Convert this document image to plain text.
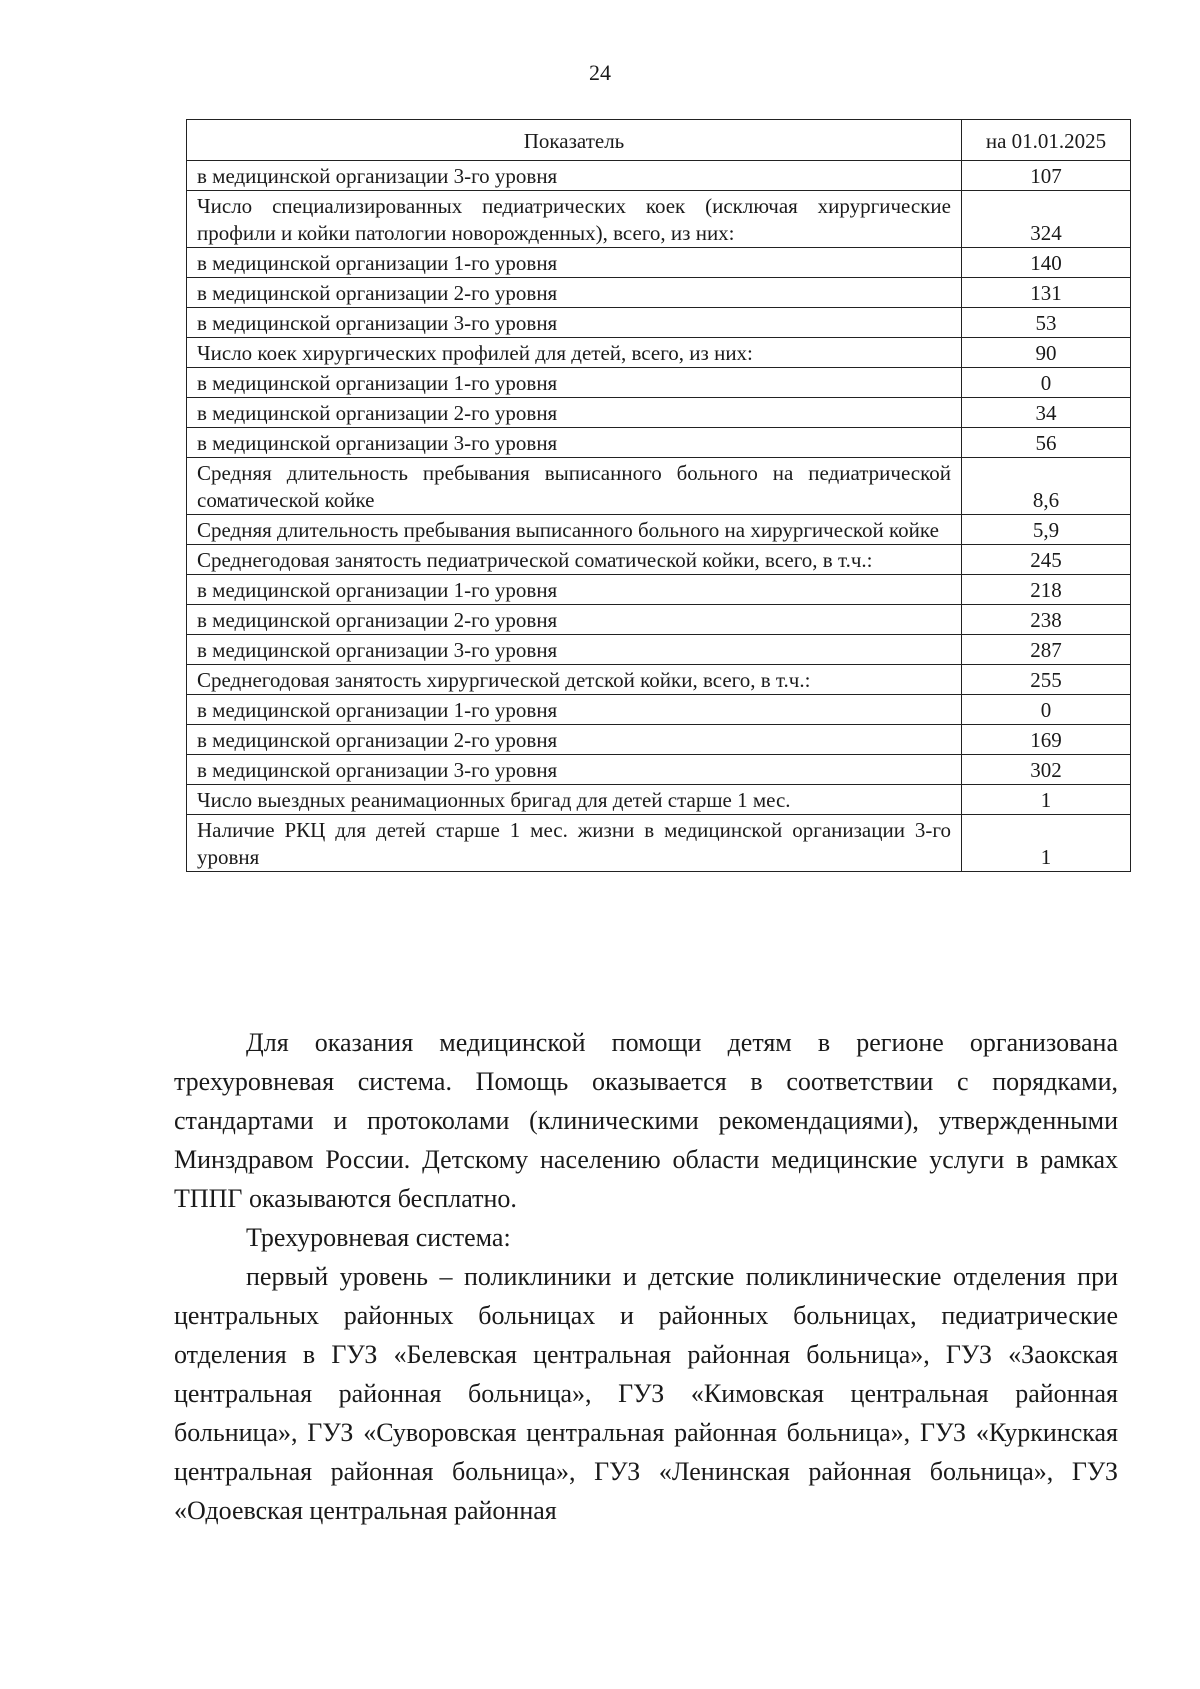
24
Показатель	на 01.01.2025
в медицинской организации 3-го уровня	107
Число специализированных педиатрических коек (исключая хирургические профили и койки патологии новорожденных), всего, из них:	324
в медицинской организации 1-го уровня	140
в медицинской организации 2-го уровня	131
в медицинской организации 3-го уровня	53
Число коек хирургических профилей для детей, всего, из них:	90
в медицинской организации 1-го уровня	0
в медицинской организации 2-го уровня	34
в медицинской организации 3-го уровня	56
Средняя длительность пребывания выписанного больного на педиатрической соматической койке	8,6
Средняя длительность пребывания выписанного больного на хирургической койке	5,9
Среднегодовая занятость педиатрической соматической койки, всего, в т.ч.:	245
в медицинской организации 1-го уровня	218
в медицинской организации 2-го уровня	238
в медицинской организации 3-го уровня	287
Среднегодовая занятость хирургической детской койки, всего, в т.ч.:	255
в медицинской организации 1-го уровня	0
в медицинской организации 2-го уровня	169
в медицинской организации 3-го уровня	302
Число выездных реанимационных бригад для детей старше 1 мес.	1
Наличие РКЦ для детей старше 1 мес. жизни в медицинской организации 3-го уровня	1

Для оказания медицинской помощи детям в регионе организована трехуровневая система. Помощь оказывается в соответствии с порядками, стандартами и протоколами (клиническими рекомендациями), утвержденными Минздравом России. Детскому населению области медицинские услуги в рамках ТППГ оказываются бесплатно.

Трехуровневая система:

первый уровень – поликлиники и детские поликлинические отделения при центральных районных больницах и районных больницах, педиатрические отделения в ГУЗ «Белевская центральная районная больница», ГУЗ «Заокская центральная районная больница», ГУЗ «Кимовская центральная районная больница», ГУЗ «Суворовская центральная районная больница», ГУЗ «Куркинская центральная районная больница», ГУЗ «Ленинская районная больница», ГУЗ «Одоевская центральная районная
